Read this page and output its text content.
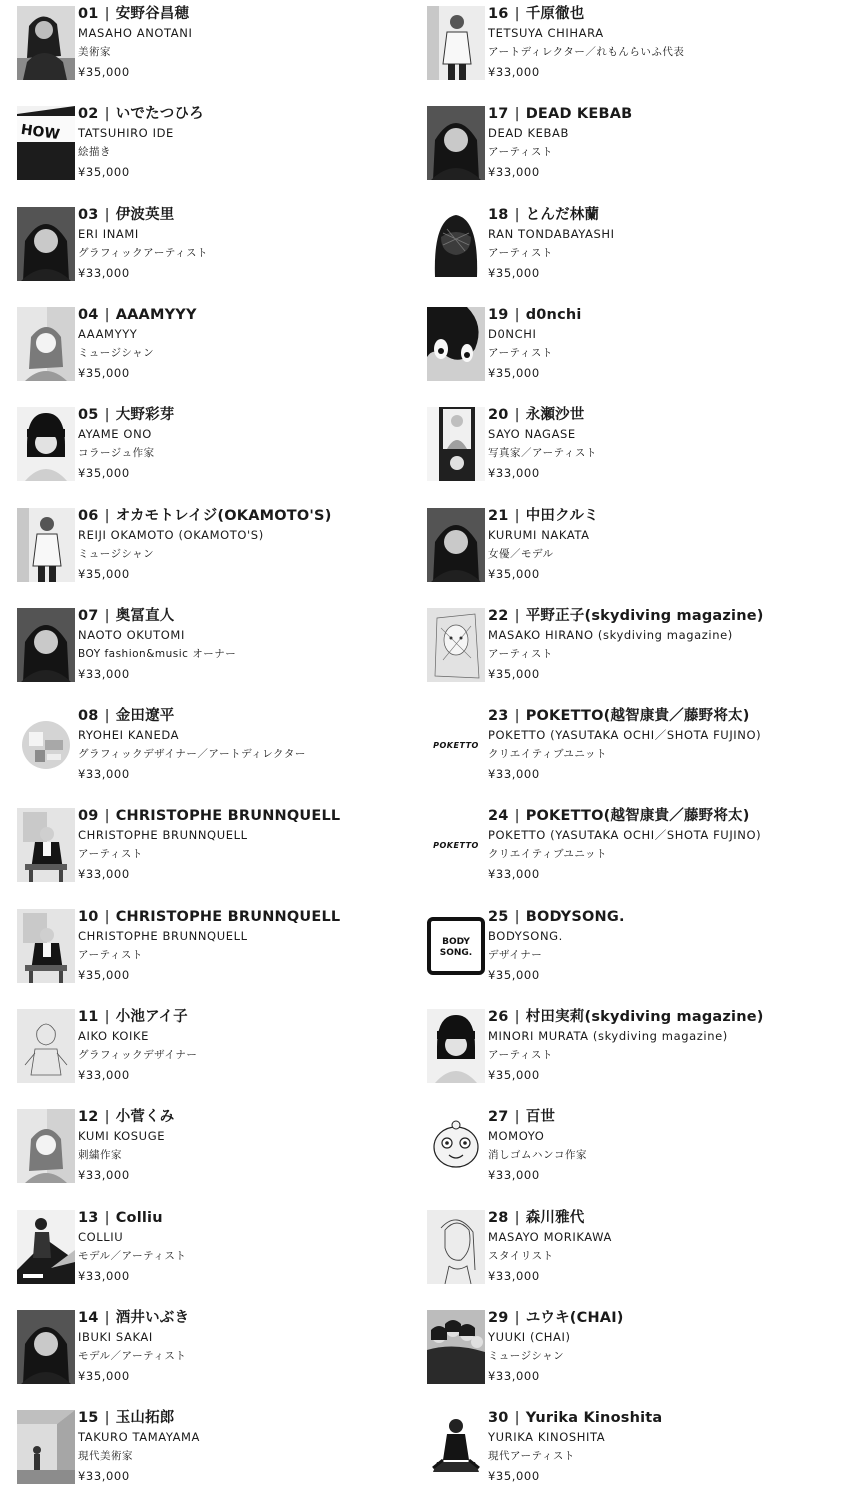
01 | 安野谷昌穂
MASAHO ANOTANI
美術家
¥35,000
HOW
02 | いでたつひろ
TATSUHIRO IDE
絵描き
¥35,000
03 | 伊波英里
ERI INAMI
グラフィックアーティスト
¥33,000
04 | AAAMYYY
AAAMYYY
ミュージシャン
¥35,000
05 | 大野彩芽
AYAME ONO
コラージュ作家
¥35,000
06 | オカモトレイジ(OKAMOTO'S)
REIJI OKAMOTO (OKAMOTO'S)
ミュージシャン
¥35,000
07 | 奥冨直人
NAOTO OKUTOMI
BOY fashion&music オーナー
¥33,000
08 | 金田遼平
RYOHEI KANEDA
グラフィックデザイナー／アートディレクター
¥33,000
09 | CHRISTOPHE BRUNNQUELL
CHRISTOPHE BRUNNQUELL
アーティスト
¥33,000
10 | CHRISTOPHE BRUNNQUELL
CHRISTOPHE BRUNNQUELL
アーティスト
¥35,000
11 | 小池アイ子
AIKO KOIKE
グラフィックデザイナー
¥33,000
12 | 小菅くみ
KUMI KOSUGE
刺繍作家
¥33,000
13 | Colliu
COLLIU
モデル／アーティスト
¥33,000
14 | 酒井いぶき
IBUKI SAKAI
モデル／アーティスト
¥35,000
15 | 玉山拓郎
TAKURO TAMAYAMA
現代美術家
¥33,000
16 | 千原徹也
TETSUYA CHIHARA
アートディレクター／れもんらいふ代表
¥33,000
17 | DEAD KEBAB
DEAD KEBAB
アーティスト
¥33,000
18 | とんだ林蘭
RAN TONDABAYASHI
アーティスト
¥35,000
19 | d0nchi
D0NCHI
アーティスト
¥35,000
20 | 永瀬沙世
SAYO NAGASE
写真家／アーティスト
¥33,000
21 | 中田クルミ
KURUMI NAKATA
女優／モデル
¥35,000
22 | 平野正子(skydiving magazine)
MASAKO HIRANO (skydiving magazine)
アーティスト
¥35,000
POKETTO
23 | POKETTO(越智康貴／藤野将太)
POKETTO (YASUTAKA OCHI／SHOTA FUJINO)
クリエイティブユニット
¥33,000
POKETTO
24 | POKETTO(越智康貴／藤野将太)
POKETTO (YASUTAKA OCHI／SHOTA FUJINO)
クリエイティブユニット
¥33,000
BODY
SONG.
25 | BODYSONG.
BODYSONG.
デザイナー
¥35,000
26 | 村田実莉(skydiving magazine)
MINORI MURATA (skydiving magazine)
アーティスト
¥35,000
27 | 百世
MOMOYO
消しゴムハンコ作家
¥33,000
28 | 森川雅代
MASAYO MORIKAWA
スタイリスト
¥33,000
29 | ユウキ(CHAI)
YUUKI (CHAI)
ミュージシャン
¥33,000
30 | Yurika Kinoshita
YURIKA KINOSHITA
現代アーティスト
¥35,000
